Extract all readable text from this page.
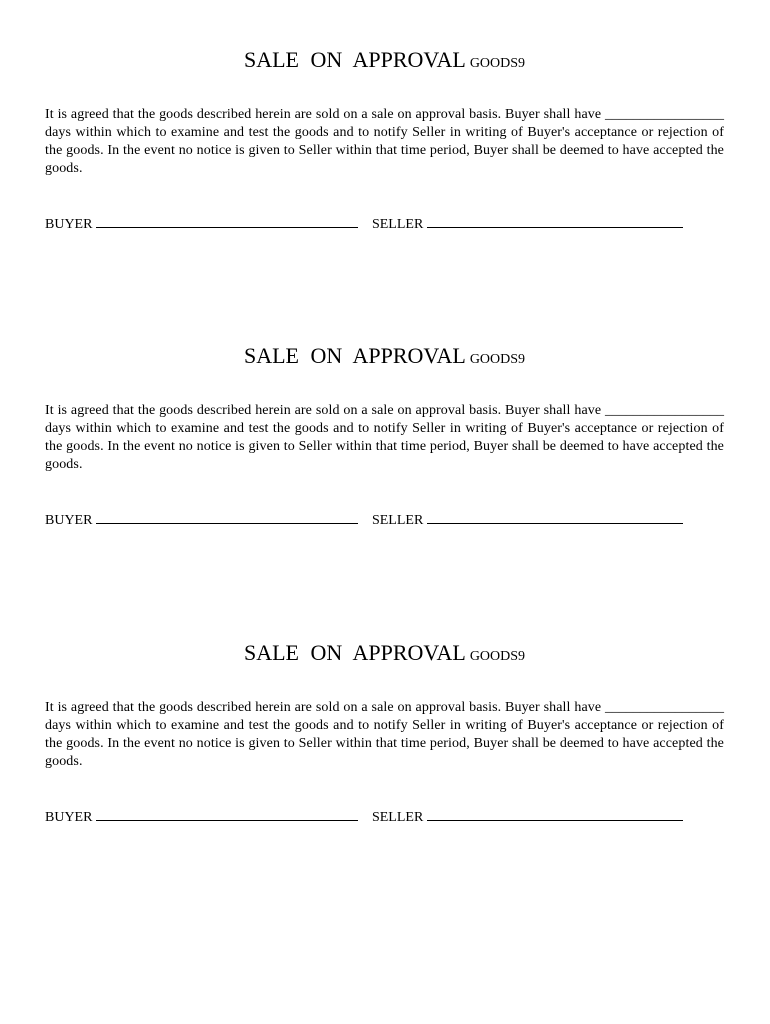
SALE ON APPROVAL GOODS9

It is agreed that the goods described herein are sold on a sale on approval basis. Buyer shall have _________________ days within which to examine and test the goods and to notify Seller in writing of Buyer's acceptance or rejection of the goods. In the event no notice is given to Seller within that time period, Buyer shall be deemed to have accepted the goods.

BUYER	SELLER
SALE ON APPROVAL GOODS9

It is agreed that the goods described herein are sold on a sale on approval basis. Buyer shall have _________________ days within which to examine and test the goods and to notify Seller in writing of Buyer's acceptance or rejection of the goods. In the event no notice is given to Seller within that time period, Buyer shall be deemed to have accepted the goods.

BUYER	SELLER
SALE ON APPROVAL GOODS9

It is agreed that the goods described herein are sold on a sale on approval basis. Buyer shall have _________________ days within which to examine and test the goods and to notify Seller in writing of Buyer's acceptance or rejection of the goods. In the event no notice is given to Seller within that time period, Buyer shall be deemed to have accepted the goods.

BUYER	SELLER
